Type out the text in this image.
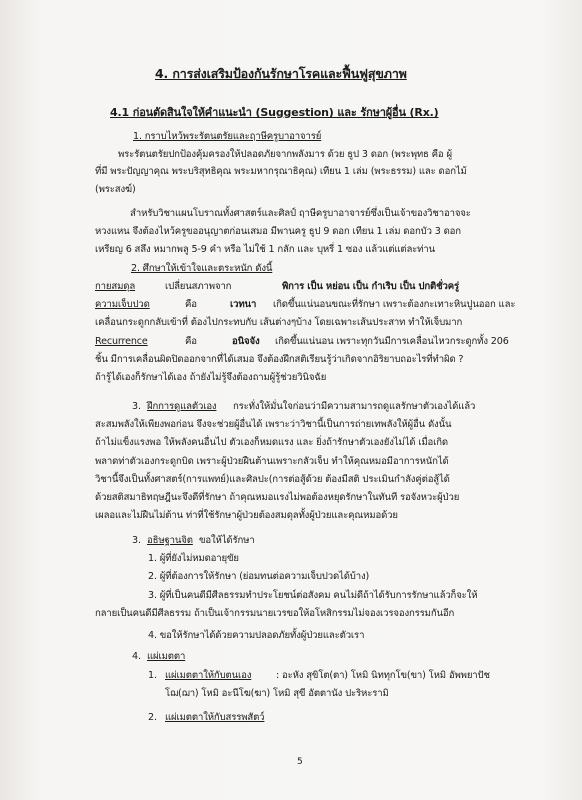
4. การส่งเสริมป้องกันรักษาโรคและฟื้นฟูสุขภาพ
4.1 ก่อนตัดสินใจให้คำแนะนำ (Suggestion) และ รักษาผู้อื่น (Rx.)
1. กราบไหว้พระรัตนตรัยและฤาษีครูบาอาจารย์
พระรัตนตรัยปกป้องคุ้มครองให้ปลอดภัยจากพลังมาร ด้วย ธูป 3 ดอก (พระพุทธ คือ ผู้
ที่มี พระปัญญาคุณ พระบริสุทธิคุณ พระมหากรุณาธิคุณ) เทียน 1 เล่ม (พระธรรม) และ ดอกไม้
(พระสงฆ์)
สำหรับวิชาแผนโบราณทั้งศาสตร์และศิลป์ ฤาษีครูบาอาจารย์ซึ่งเป็นเจ้าของวิชาอาจจะ
หวงแหน จึงต้องไหว้ครูขออนุญาตก่อนเสมอ มีพานครู ธูป 9 ดอก เทียน 1 เล่ม ดอกบัว 3 ดอก
เหรียญ 6 สลึง หมากพลู 5-9 คำ หรือ ไม่ใช้ 1 กลัก และ บุหรี่ 1 ซอง แล้วแต่แต่ละท่าน
2. ศึกษาให้เข้าใจและตระหนัก ดังนี้
กายสมดุล	เปลี่ยนสภาพจาก	พิการ เป็น หย่อน เป็น กำเริบ เป็น ปกติชั่วครู่
ความเจ็บปวด	คือ	เวทนา เกิดขึ้นแน่นอนขณะที่รักษา เพราะต้องกะเทาะหินปูนออก และ
เคลื่อนกระดูกกลับเข้าที่ ต้องไปกระทบกับ เส้นต่างๆบ้าง โดยเฉพาะเส้นประสาท ทำให้เจ็บมาก
Recurrence	คือ	อนิจจัง เกิดขึ้นแน่นอน เพราะทุกวันมีการเคลื่อนไหวกระดูกทั้ง 206
ชิ้น มีการเคลื่อนผิดปิดออกจากที่ได้เสมอ จึงต้องฝึกสติเรียนรู้ว่าเกิดจากอิริยาบถอะไรที่ทำผิด ?
ถ้ารู้ได้เองก็รักษาได้เอง ถ้ายังไม่รู้จึงต้องถามผู้รู้ช่วยวินิจฉัย
3. ฝึกการดูแลตัวเอง กระทั่งให้มั่นใจก่อนว่ามีความสามารถดูแลรักษาตัวเองได้แล้ว
สะสมพลังให้เพียงพอก่อน จึงจะช่วยผู้อื่นได้ เพราะว่าวิชานี้เป็นการถ่ายเทพลังให้ผู้อื่น ดังนั้น
ถ้าไม่แข็งแรงพอ ให้พลังคนอื่นไป ตัวเองก็หมดแรง และ ยิ่งถ้ารักษาตัวเองยังไม่ได้ เมื่อเกิด
พลาดท่าตัวเองกระดูกบิด เพราะผู้ป่วยฝืนต้านเพราะกลัวเจ็บ ทำให้คุณหมอมีอาการหนักได้
วิชานี้จึงเป็นทั้งศาสตร์(การแพทย์)และศิลปะ(การต่อสู้ด้วย ต้องมีสติ ประเมินกำลังคู่ต่อสู้ได้
ด้วยสติสมาธิทฤษฎีนะจึงดีที่รักษา ถ้าคุณหมอแรงไม่พอต้องหยุดรักษาในทันที รอจังหวะผู้ป่วย
เผลอและไม่ฝืนไม่ต้าน ท่าที่ใช้รักษาผู้ป่วยต้องสมดุลทั้งผู้ป่วยและคุณหมอด้วย
3. อธิษฐานจิต ขอให้ได้รักษา
1. ผู้ที่ยังไม่หมดอายุขัย
2. ผู้ที่ต้องการให้รักษา (ย่อมทนต่อความเจ็บปวดได้บ้าง)
3. ผู้ที่เป็นคนดีมีศีลธรรมทำประโยชน์ต่อสังคม คนไม่ดีถ้าได้รับการรักษาแล้วก็จะให้
กลายเป็นคนดีมีศีลธรรม ถ้าเป็นเจ้ากรรมนายเวรขอให้อโหสิกรรมไม่จองเวรจองกรรมกันอีก
4. ขอให้รักษาได้ด้วยความปลอดภัยทั้งผู้ป่วยและตัวเรา
4. แผ่เมตตา
1. แผ่เมตตาให้กับตนเอง	: อะหัง สุขิโต(ตา) โหมิ นิททุกโข(ขา) โหมิ อัพพยาปัช
โฌ(ฌา) โหมิ อะนีโฆ(ฆา) โหมิ สุขี อัตตานัง ปะริหะรามิ
2. แผ่เมตตาให้กับสรรพสัตว์
5
